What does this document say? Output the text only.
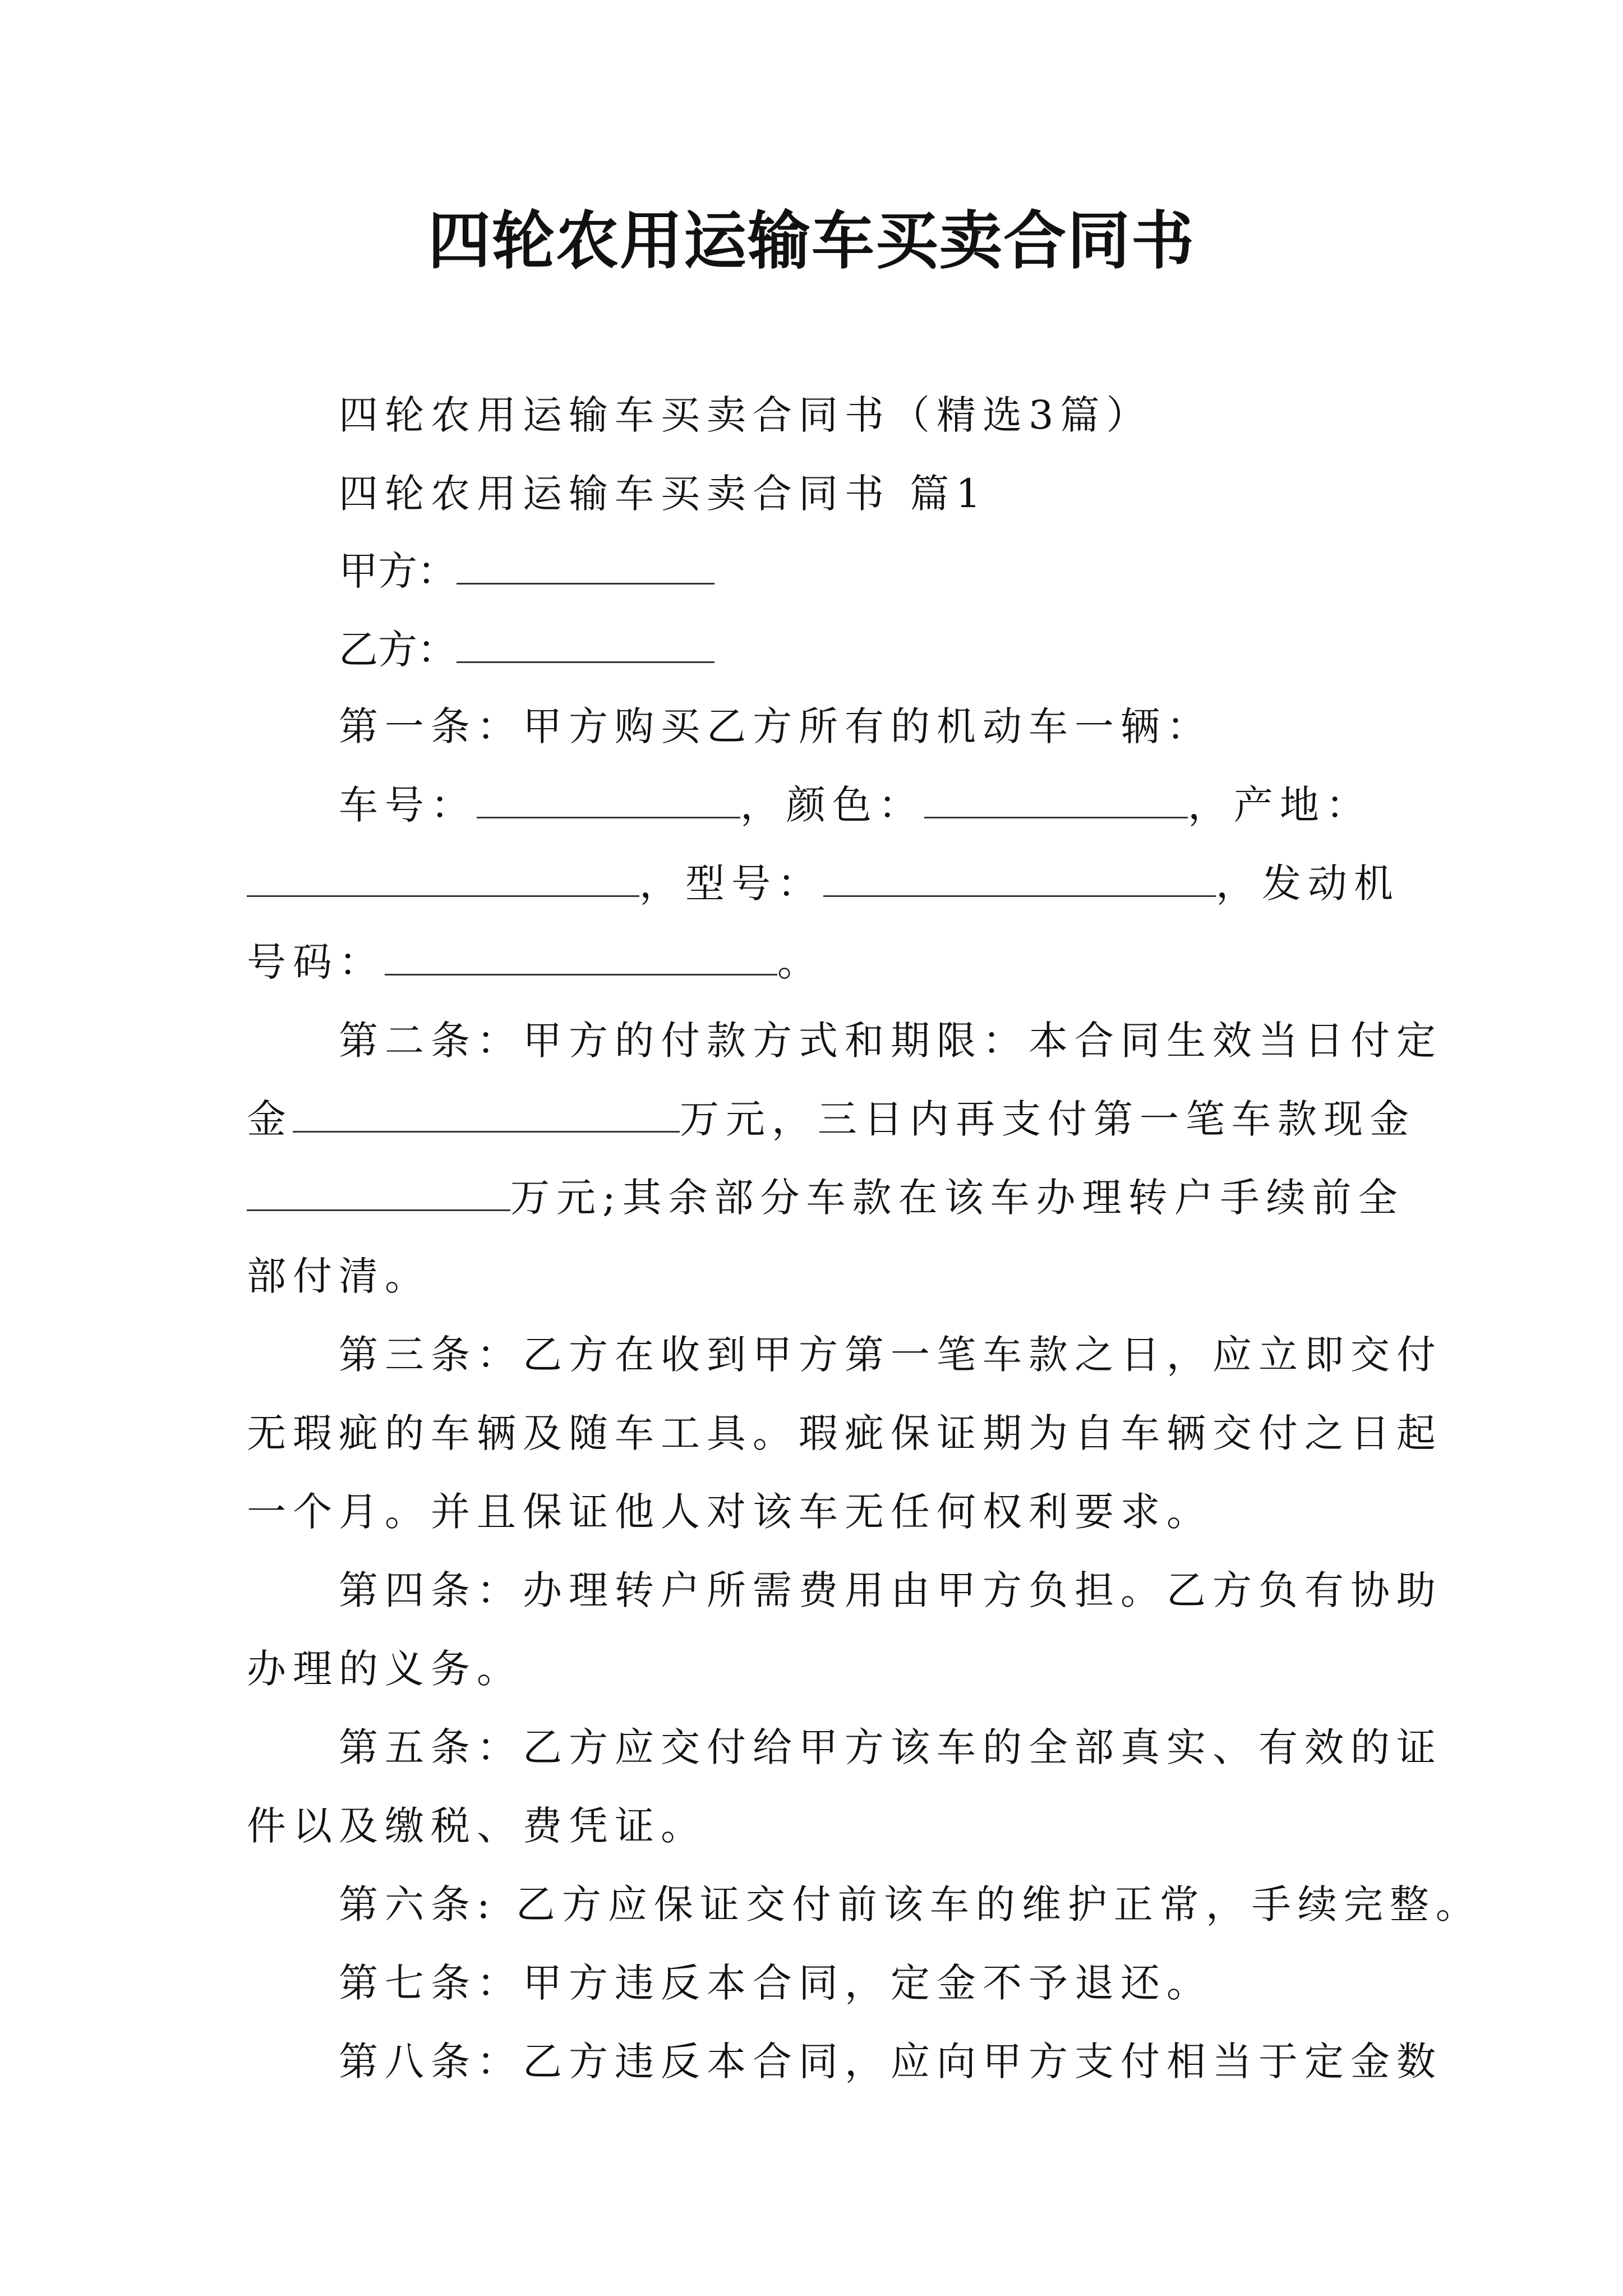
四轮农用运输车买卖合同书
四轮农用运输车买卖合同书（精选3篇）
四轮农用运输车买卖合同书 篇1
甲方：
乙方：
第一条：甲方购买乙方所有的机动车一辆：
车号：	，颜色：	，产地：
，型号：	，发动机
号码：	。
第二条：甲方的付款方式和期限：本合同生效当日付定
金	万元，三日内再支付第一笔车款现金
万元;其余部分车款在该车办理转户手续前全
部付清。
第三条：乙方在收到甲方第一笔车款之日，应立即交付
无瑕疵的车辆及随车工具。瑕疵保证期为自车辆交付之日起
一个月。并且保证他人对该车无任何权利要求。
第四条：办理转户所需费用由甲方负担。乙方负有协助
办理的义务。
第五条：乙方应交付给甲方该车的全部真实、有效的证
件以及缴税、费凭证。
第六条: 乙方应保证交付前该车的维护正常，手续完整。
第七条：甲方违反本合同，定金不予退还。
第八条：乙方违反本合同，应向甲方支付相当于定金数
